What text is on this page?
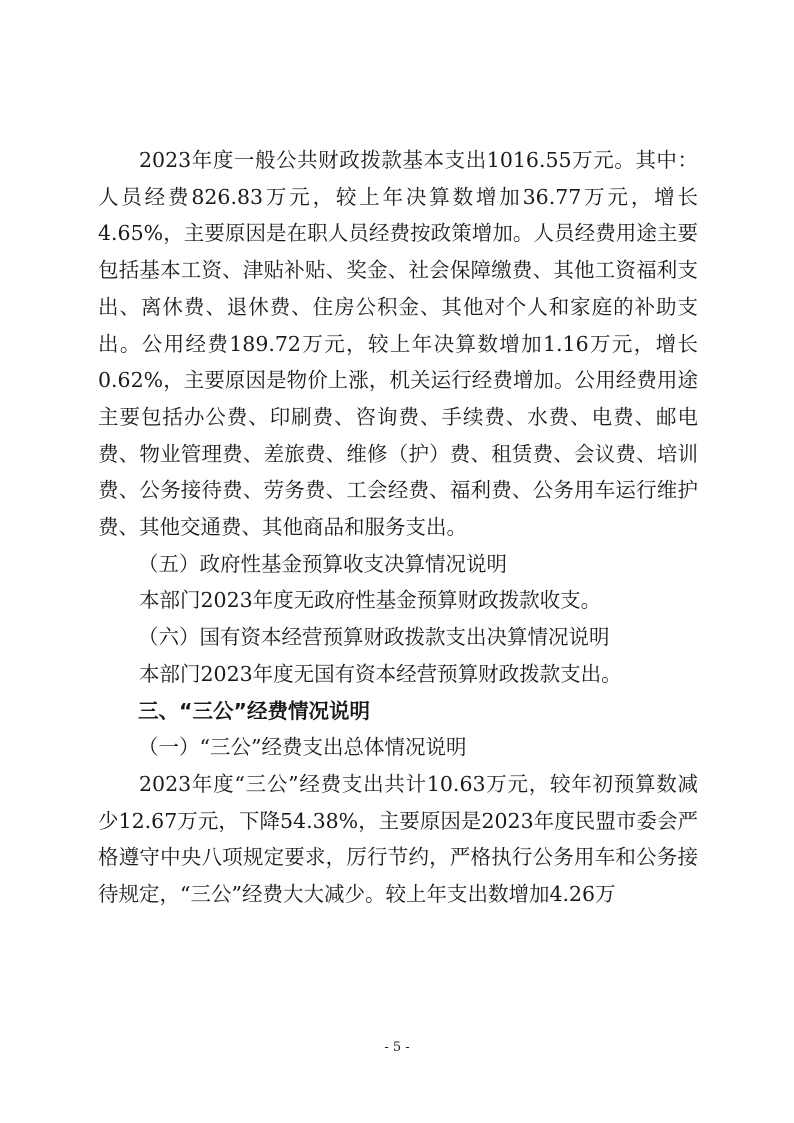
2023年度一般公共财政拨款基本支出1016.55万元。其中：人员经费826.83万元，较上年决算数增加36.77万元，增长4.65%，主要原因是在职人员经费按政策增加。人员经费用途主要包括基本工资、津贴补贴、奖金、社会保障缴费、其他工资福利支出、离休费、退休费、住房公积金、其他对个人和家庭的补助支出。公用经费189.72万元，较上年决算数增加1.16万元，增长0.62%，主要原因是物价上涨，机关运行经费增加。公用经费用途主要包括办公费、印刷费、咨询费、手续费、水费、电费、邮电费、物业管理费、差旅费、维修（护）费、租赁费、会议费、培训费、公务接待费、劳务费、工会经费、福利费、公务用车运行维护费、其他交通费、其他商品和服务支出。

（五）政府性基金预算收支决算情况说明

本部门2023年度无政府性基金预算财政拨款收支。

（六）国有资本经营预算财政拨款支出决算情况说明

本部门2023年度无国有资本经营预算财政拨款支出。

三、“三公”经费情况说明

（一）“三公”经费支出总体情况说明

2023年度“三公”经费支出共计10.63万元，较年初预算数减少12.67万元，下降54.38%，主要原因是2023年度民盟市委会严格遵守中央八项规定要求，厉行节约，严格执行公务用车和公务接待规定，“三公”经费大大减少。较上年支出数增加4.26万

- 5 -
